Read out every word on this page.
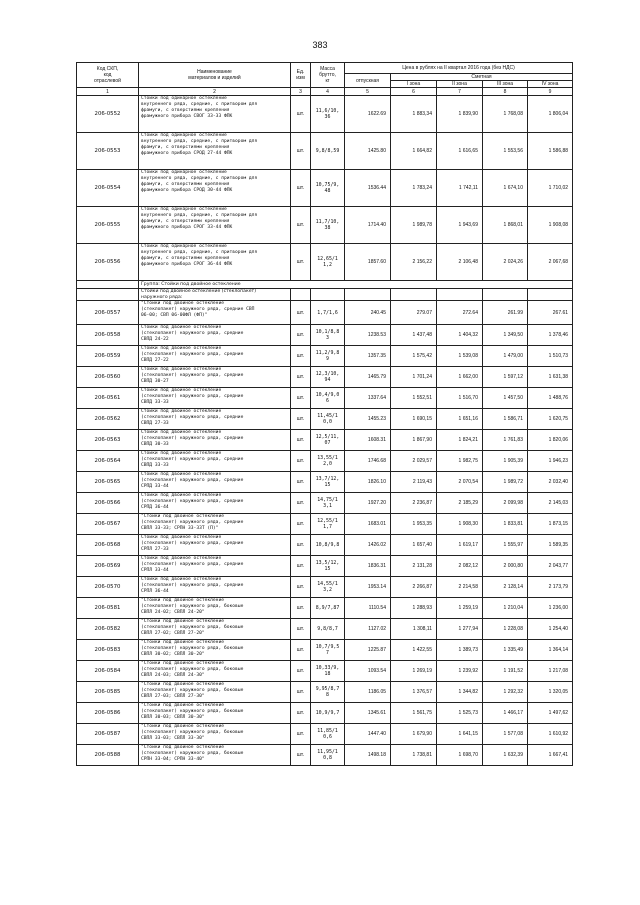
383
Код СКП,
код
отраслевой	Наименование
материалов и изделий	Ед.
изм	Масса
брутто,
кг	Цена в рублях на II квартал 2016 года (без НДС)				
				отпускная	Сметная			
					I зона	II зона	III зона	IV зона
1	2	3	4	5	6	7	8	9
206-0552	Стойки под одинарное остекление
внутреннего ряда, средние, с притвором для
фрамуги, с отверстиями крепления
фрамужного прибора СВОГ 33-33 ФПК	шт.	11,6/10,
36	1622.69	1 883,34	1 839,90	1 768,08	1 806,04
206-0553	Стойки под одинарное остекление
внутреннего ряда, средние, с притвором для
фрамуги, с отверстиями крепления
фрамужного прибора СРОД 27-44 ФПК	шт.	9,8/8,59	1425.80	1 664,82	1 616,65	1 553,56	1 586,88
206-0554	Стойки под одинарное остекление
внутреннего ряда, средние, с притвором для
фрамуги, с отверстиями крепления
фрамужного прибора СРОД 30-44 ФПК	шт.	10,75/9,
48	1536.44	1 783,24	1 742,11	1 674,10	1 710,02
206-0555	Стойки под одинарное остекление
внутреннего ряда, средние, с притвором для
фрамуги, с отверстиями крепления
фрамужного прибора СРОГ 33-44 ФПК	шт.	11,7/10,
38	1714.40	1 989,78	1 943,69	1 868,01	1 908,08
206-0556	Стойки под одинарное остекление
внутреннего ряда, средние, с притвором для
фрамуги, с отверстиями крепления
фрамужного прибора СРОГ 36-44 ФПК	шт.	12,65/1
1,2	1857.60	2 156,22	2 106,48	2 024,26	2 067,68
	Группа: Стойки под двойное остекление							
	Стойки под двойное остекление (стеклопакет)
наружного ряда:							
206-0557	"Стойки под двойное остекление
(стеклопакет) наружного ряда, средние СВП
06-00; СВП 06-00ФЛ (ФП)"	шт.	1,7/1,6	240.45	279.07	272.64	261.99	267.61
206-0558	Стойки под двойное остекление
(стеклопакет) наружного ряда, средние
СВПД 24-22	шт.	10,1/8,8
3	1238.53	1 437,48	1 404,32	1 349,50	1 378,46
206-0559	Стойки под двойное остекление
(стеклопакет) наружного ряда, средние
СВПД 27-22	шт.	11,2/9,8
9	1357.35	1 575,42	1 539,08	1 479,00	1 510,73
206-0560	Стойки под двойное остекление
(стеклопакет) наружного ряда, средние
СВПД 30-27	шт.	12,3/10,
94	1465.79	1 701,24	1 662,00	1 597,12	1 631,38
206-0561	Стойки под двойное остекление
(стеклопакет) наружного ряда, средние
СВПД 33-33	шт.	10,4/9,0
6	1337.64	1 552,51	1 516,70	1 457,50	1 488,76
206-0562	Стойки под двойное остекление
(стеклопакет) наружного ряда, средние
СВПД 27-33	шт.	11,45/1
0,0	1455.23	1 690,15	1 651,16	1 586,71	1 620,75
206-0563	Стойки под двойное остекление
(стеклопакет) наружного ряда, средние
СВПД 30-33	шт.	12,5/11,
07	1608.31	1 867,90	1 824,21	1 761,83	1 820,06
206-0564	Стойки под двойное остекление
(стеклопакет) наружного ряда, средние
СВПД 33-33	шт.	13,55/1
2,0	1746.68	2 029,57	1 982,75	1 905,39	1 946,23
206-0565	Стойки под двойное остекление
(стеклопакет) наружного ряда, средние
СРПД 33-44	шт.	13,7/12,
15	1826.10	2 119,43	2 070,54	1 989,72	2 032,40
206-0566	Стойки под двойное остекление
(стеклопакет) наружного ряда, средние
СРПД 36-44	шт.	14,75/1
3,1	1927.20	2 236,87	2 185,29	2 099,98	2 145,03
206-0567	"Стойки под двойное остекление
(стеклопакет) наружного ряда, средние
СВПЛ 33-33; СРПН 33-33Т (П)"	шт.	12,55/1
1,7	1683.01	1 953,35	1 908,30	1 833,81	1 873,15
206-0568	Стойки под двойное остекление
(стеклопакет) наружного ряда, средние
СРПЛ 27-33	шт.	10,8/9,8	1426.02	1 657,40	1 619,17	1 555,97	1 589,35
206-0569	Стойки под двойное остекление
(стеклопакет) наружного ряда, средние
СРПЛ 33-44	шт.	13,5/12,
15	1836.31	2 131,28	2 082,12	2 000,80	2 043,77
206-0570	Стойки под двойное остекление
(стеклопакет) наружного ряда, средние
СРПЛ 36-44	шт.	14,55/1
3,2	1953.14	2 266,87	2 214,58	2 128,14	2 173,79
206-0581	"Стойки под двойное остекление
(стеклопакет) наружного ряда, боковые
СВПЛ 24-02; СВПЛ 24-20"	шт.	8,9/7,87	1110.54	1 288,93	1 259,19	1 210,04	1 236,00
206-0582	"Стойки под двойное остекление
(стеклопакет) наружного ряда, боковые
СВПЛ 27-02; СВПЛ 27-20"	шт.	9,8/8,7	1127.02	1 308,11	1 277,94	1 228,08	1 254,40
206-0583	"Стойки под двойное остекление
(стеклопакет) наружного ряда, боковые
СВПЛ 30-02; СВПЛ 30-20"	шт.	10,7/9,5
7	1225.87	1 422,55	1 389,73	1 335,49	1 364,14
206-0584	"Стойки под двойное остекление
(стеклопакет) наружного ряда, боковые
СВПЛ 24-03; СВПЛ 24-30"	шт.	10,33/9,
18	1093.54	1 269,19	1 239,92	1 191,52	1 217,08
206-0585	"Стойки под двойное остекление
(стеклопакет) наружного ряда, боковые
СВПЛ 27-03; СВПЛ 27-30"	шт.	9,95/8,7
8	1186.05	1 376,57	1 344,82	1 292,32	1 320,05
206-0586	"Стойки под двойное остекление
(стеклопакет) наружного ряда, боковые
СВПЛ 30-03; СВПЛ 30-30"	шт.	10,9/9,7	1345.61	1 561,75	1 525,73	1 466,17	1 497,62
206-0587	"Стойки под двойное остекление
(стеклопакет) наружного ряда, боковые
СВПЛ 33-03; СВПЛ 33-30"	шт.	11,85/1
0,6	1447.40	1 679,90	1 641,15	1 577,08	1 610,92
206-0588	"Стойки под двойное остекление
(стеклопакет) наружного ряда, боковые
СРПН 33-04; СРПН 33-40"	шт.	11,95/1
0,8	1498.18	1 738,81	1 698,70	1 632,39	1 667,41
